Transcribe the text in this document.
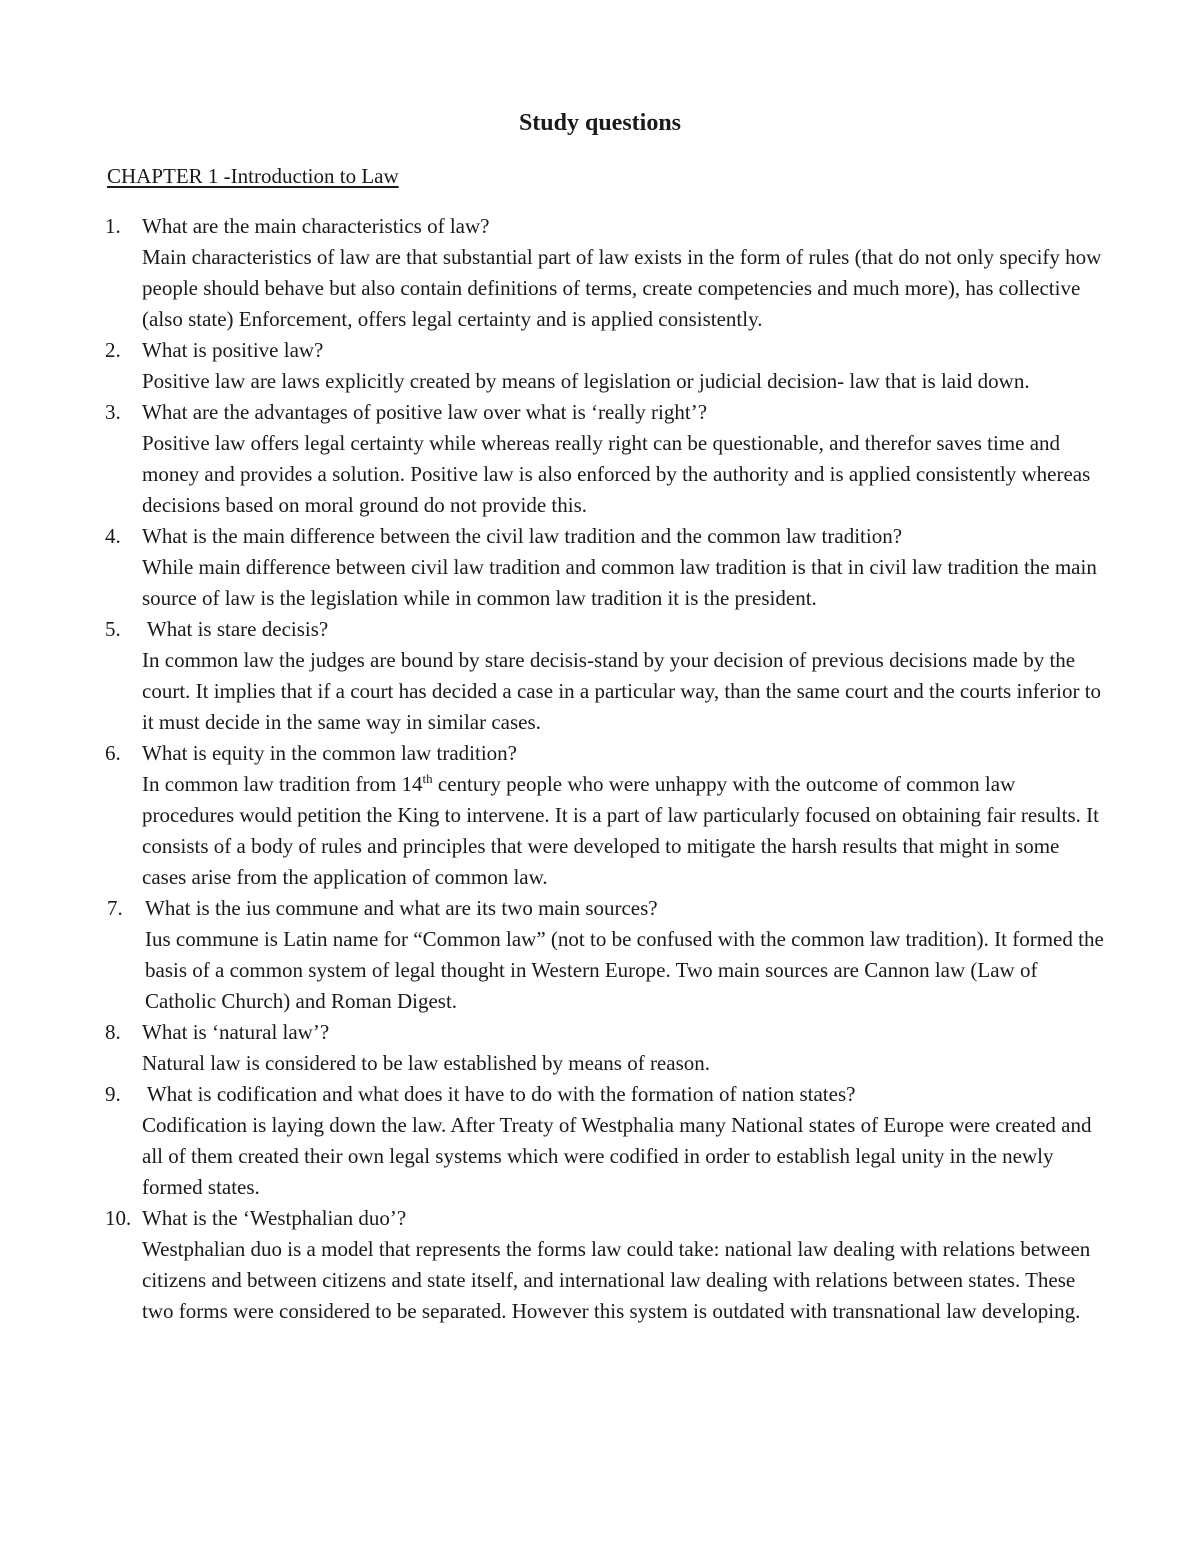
Study questions
CHAPTER 1 -Introduction to Law
1.	What are the main characteristics of law?
Main characteristics of law are that substantial part of law exists in the form of rules (that do not only specify how people should behave but also contain definitions of terms, create competencies and much more), has collective (also state) Enforcement, offers legal certainty and is applied consistently.
2.	What is positive law?
Positive law are laws explicitly created by means of legislation or judicial decision- law that is laid down.
3.	What are the advantages of positive law over what is ‘really right’?
Positive law offers legal certainty while whereas really right can be questionable, and therefor saves time and money and provides a solution. Positive law is also enforced by the authority and is applied consistently whereas decisions based on moral ground do not provide this.
4.	What is the main difference between the civil law tradition and the common law tradition?
While main difference between civil law tradition and common law tradition is that in civil law tradition the main source of law is the legislation while in common law tradition it is the president.
5.	What is stare decisis?
In common law the judges are bound by stare decisis-stand by your decision of previous decisions made by the court. It implies that if a court has decided a case in a particular way, than the same court and the courts inferior to it must decide in the same way in similar cases.
6.	What is equity in the common law tradition?
In common law tradition from 14th century people who were unhappy with the outcome of common law procedures would petition the King to intervene. It is a part of law particularly focused on obtaining fair results. It consists of a body of rules and principles that were developed to mitigate the harsh results that might in some cases arise from the application of common law.
7.	What is the ius commune and what are its two main sources?
Ius commune is Latin name for “Common law” (not to be confused with the common law tradition). It formed the basis of a common system of legal thought in Western Europe. Two main sources are Cannon law (Law of Catholic Church) and Roman Digest.
8.	What is ‘natural law’?
Natural law is considered to be law established by means of reason.
9.	What is codification and what does it have to do with the formation of nation states?
Codification is laying down the law. After Treaty of Westphalia many National states of Europe were created and all of them created their own legal systems which were codified in order to establish legal unity in the newly formed states.
10. What is the ‘Westphalian duo’?
Westphalian duo is a model that represents the forms law could take: national law dealing with relations between citizens and between citizens and state itself, and international law dealing with relations between states. These two forms were considered to be separated. However this system is outdated with transnational law developing.
